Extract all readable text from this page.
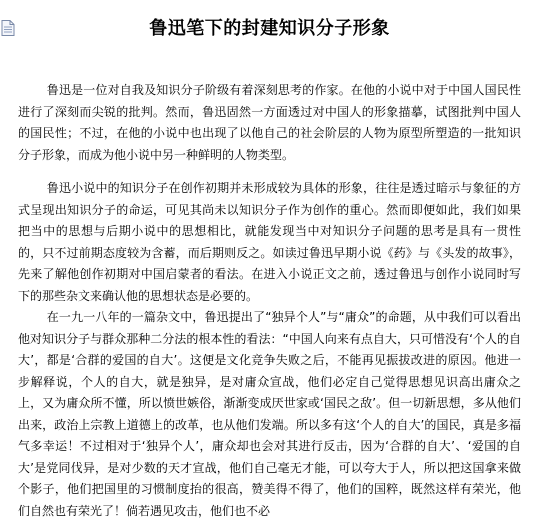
鲁迅笔下的封建知识分子形象

鲁迅是一位对自我及知识分子阶级有着深刻思考的作家。在他的小说中对于中国人国民性进行了深刻而尖锐的批判。然而，鲁迅固然一方面透过对中国人的形象描摹，试图批判中国人的国民性；不过，在他的小说中也出现了以他自己的社会阶层的人物为原型所塑造的一批知识分子形象，而成为他小说中另一种鲜明的人物类型。

鲁迅小说中的知识分子在创作初期并未形成较为具体的形象，往往是透过暗示与象征的方式呈现出知识分子的命运，可见其尚未以知识分子作为创作的重心。然而即便如此，我们如果把当中的思想与后期小说中的思想相比，就能发现当中对知识分子问题的思考是具有一贯性的，只不过前期态度较为含蓄，而后期则反之。如读过鲁迅早期小说《药》与《头发的故事》，先来了解他创作初期对中国启蒙者的看法。在进入小说正文之前，透过鲁迅与创作小说同时写下的那些杂文来确认他的思想状态是必要的。

在一九一八年的一篇杂文中，鲁迅提出了“独异个人”与“庸众”的命题，从中我们可以看出他对知识分子与群众那种二分法的根本性的看法：“中国人向来有点自大，只可惜没有‘个人的自大’，都是‘合群的爱国的自大’。这便是文化竞争失败之后，不能再见振拔改进的原因。他进一步解释说，个人的自大，就是独异，是对庸众宣战，他们必定自己觉得思想见识高出庸众之上，又为庸众所不懂，所以愤世嫉俗，渐渐变成厌世家或‘国民之敌’。但一切新思想，多从他们出来，政治上宗教上道德上的改革，也从他们发端。所以多有这‘个人的自大’的国民，真是多福气多幸运！不过相对于‘独异个人’，庸众却也会对其进行反击，因为‘合群的自大’、‘爱国的自大’是党同伐异，是对少数的天才宣战，他们自己毫无才能，可以夸大于人，所以把这国拿来做个影子，他们把国里的习惯制度抬的很高，赞美得不得了，他们的国粹，既然这样有荣光，他们自然也有荣光了！倘若遇见攻击，他们也不必
